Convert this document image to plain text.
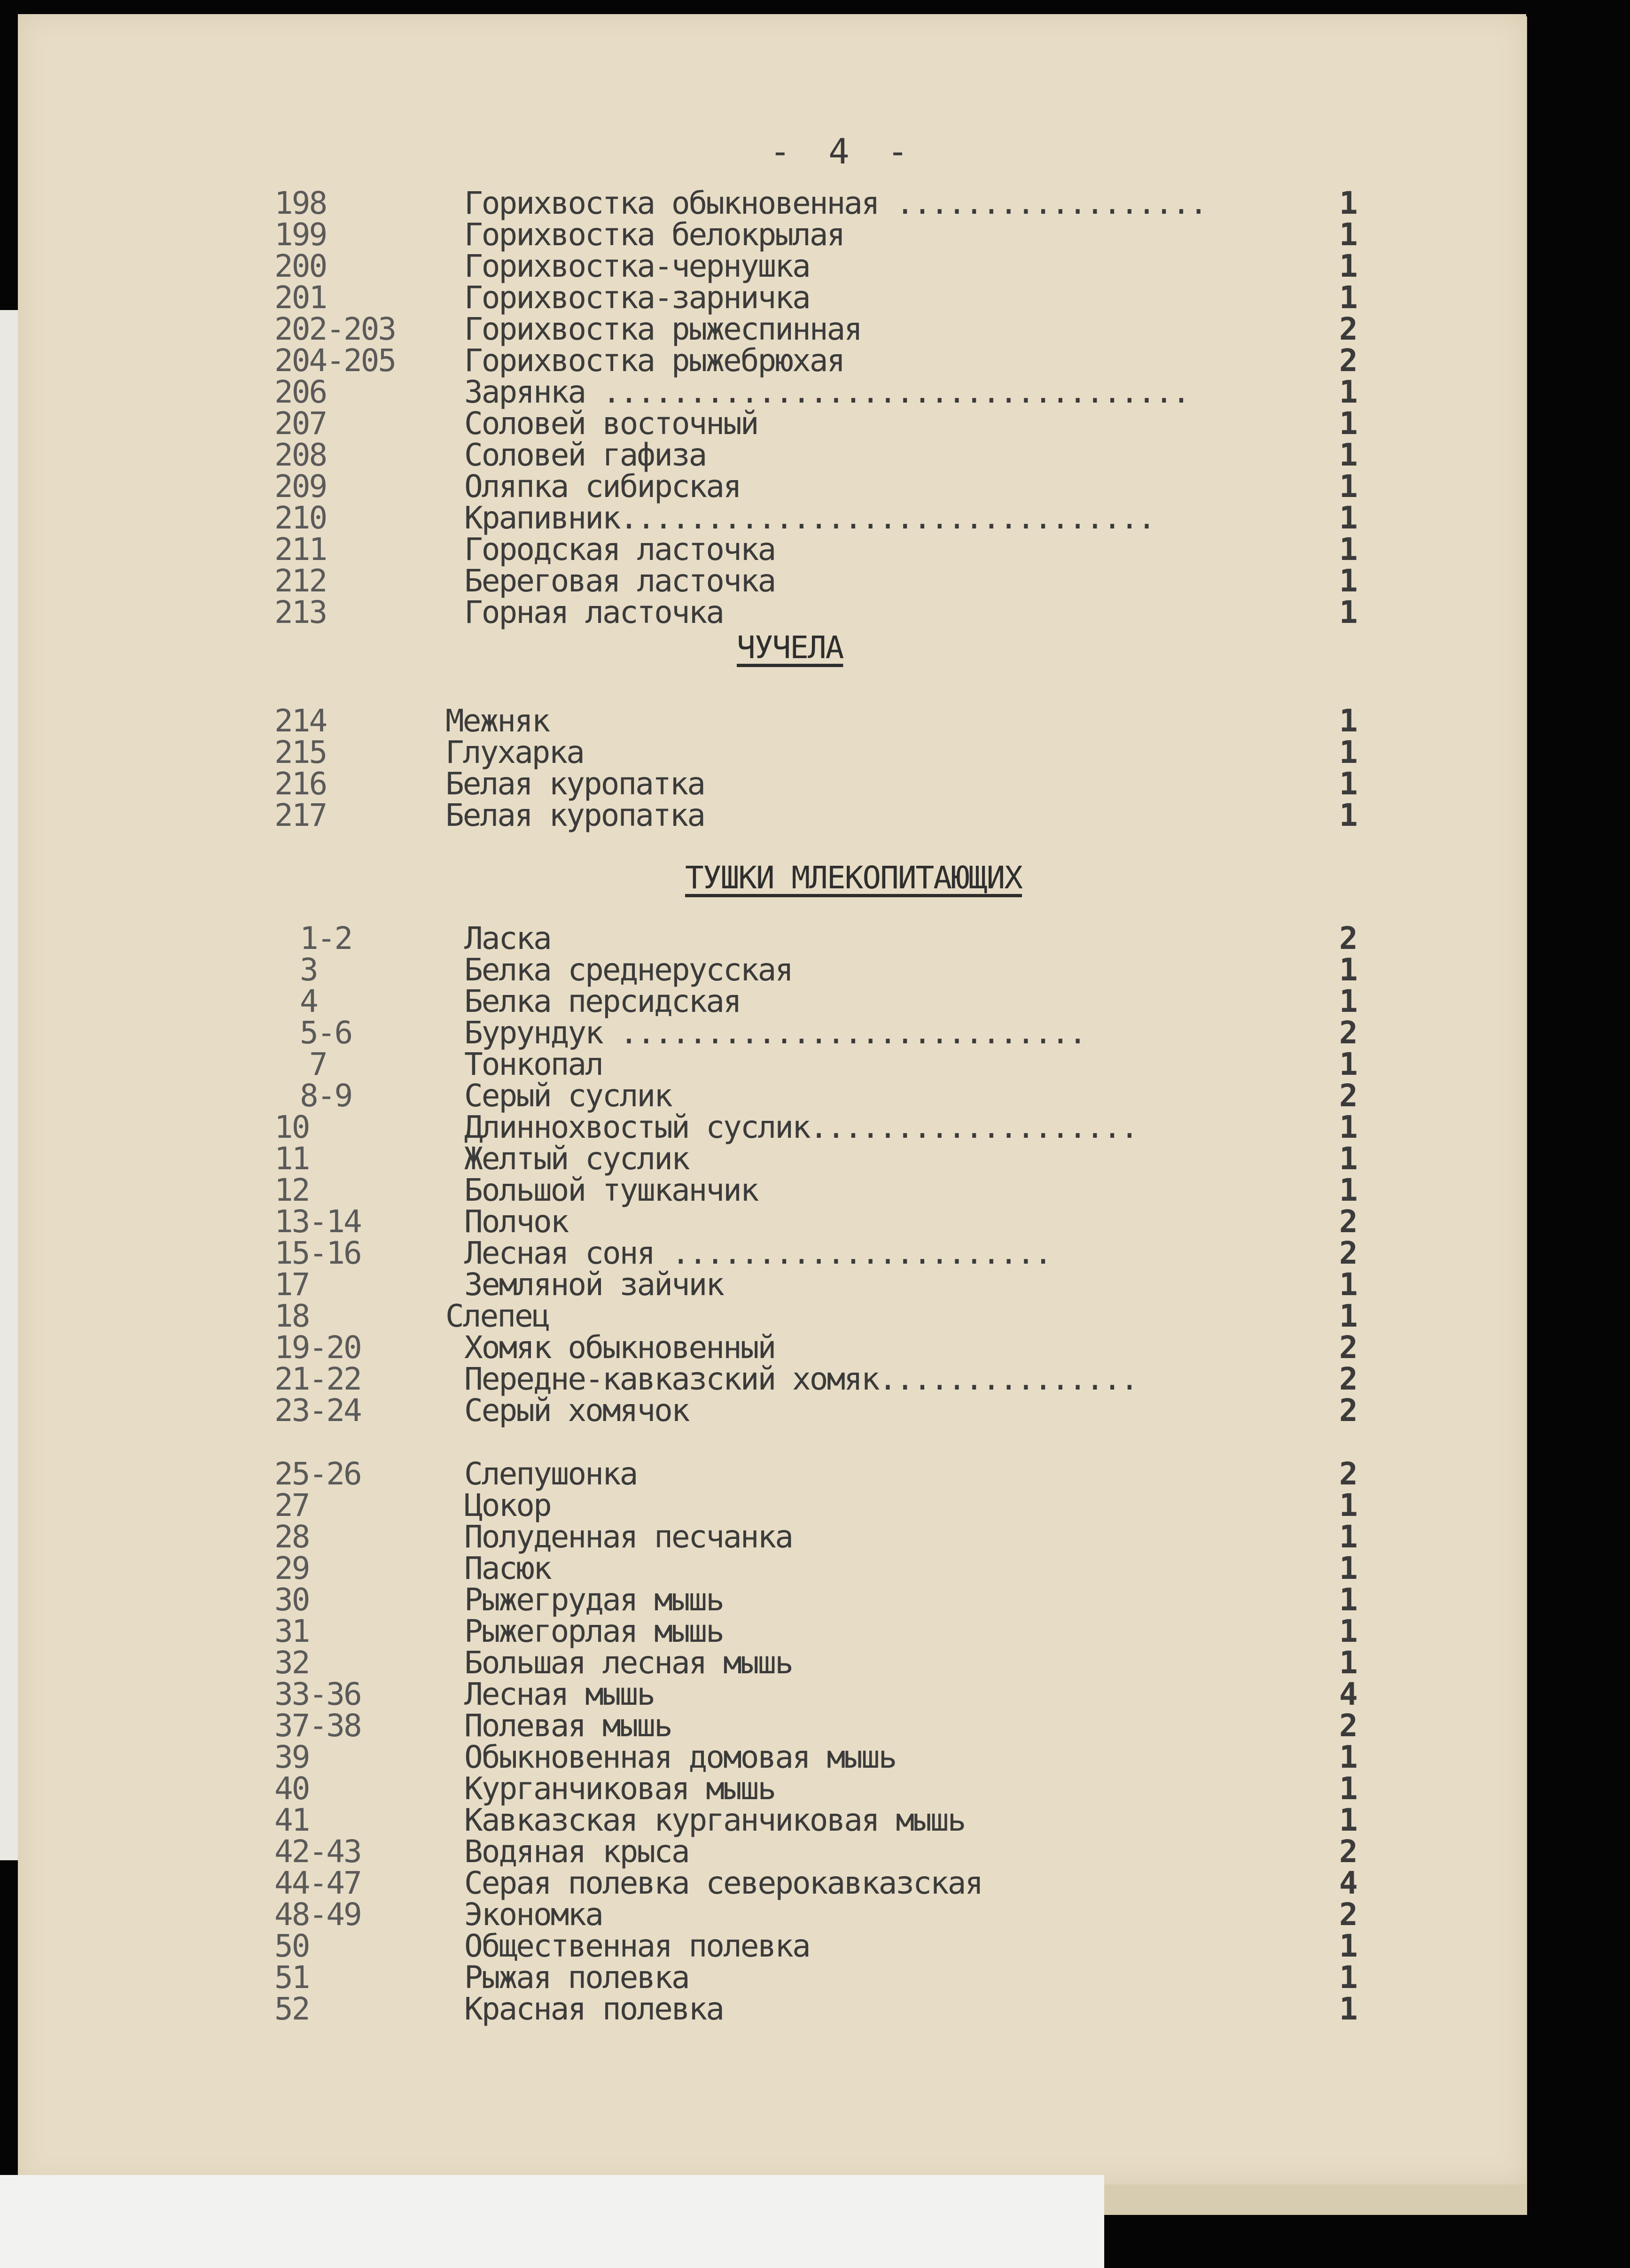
- 4 -
198	Горихвостка обыкновенная ..................	1
199	Горихвостка белокрылая	1
200	Горихвостка-чернушка	1
201	Горихвостка-зарничка	1
202-203 Горихвостка рыжеспинная	2
204-205 Горихвостка рыжебрюхая	2
206	Зарянка ..................................	1
207	Соловей восточный	1
208	Соловей гафиза	1
209	Оляпка сибирская	1
210	Крапивник...............................	1
211	Городская ласточка	1
212	Береговая ласточка	1
213	Горная ласточка	1
ЧУЧЕЛА
214	Межняк	1
215	Глухарка	1
216	Белая куропатка	1
217	Белая куропатка	1
ТУШКИ МЛЕКОПИТАЮЩИХ
1-2	Ласка	2
3	Белка среднерусская	1
4	Белка персидская	1
5-6	Бурундук ...........................	2
7	Тонкопал	1
8-9	Серый суслик	2
10	Длиннохвостый суслик...................	1
11	Желтый суслик	1
12	Большой тушканчик	1
13-14	Полчок	2
15-16	Лесная соня ......................	2
17	Земляной зайчик	1
18	Слепец	1
19-20	Хомяк обыкновенный	2
21-22	Передне-кавказский хомяк...............	2
23-24	Серый хомячок	2
25-26	Слепушонка	2
27	Цокор	1
28	Полуденная песчанка	1
29	Пасюк	1
30	Рыжегрудая мышь	1
31	Рыжегорлая мышь	1
32	Большая лесная мышь	1
33-36	Лесная мышь	4
37-38	Полевая мышь	2
39	Обыкновенная домовая мышь	1
40	Курганчиковая мышь	1
41	Кавказская курганчиковая мышь	1
42-43	Водяная крыса	2
44-47	Серая полевка северокавказская	4
48-49	Экономка	2
50	Общественная полевка	1
51	Рыжая полевка	1
52	Красная полевка	1
